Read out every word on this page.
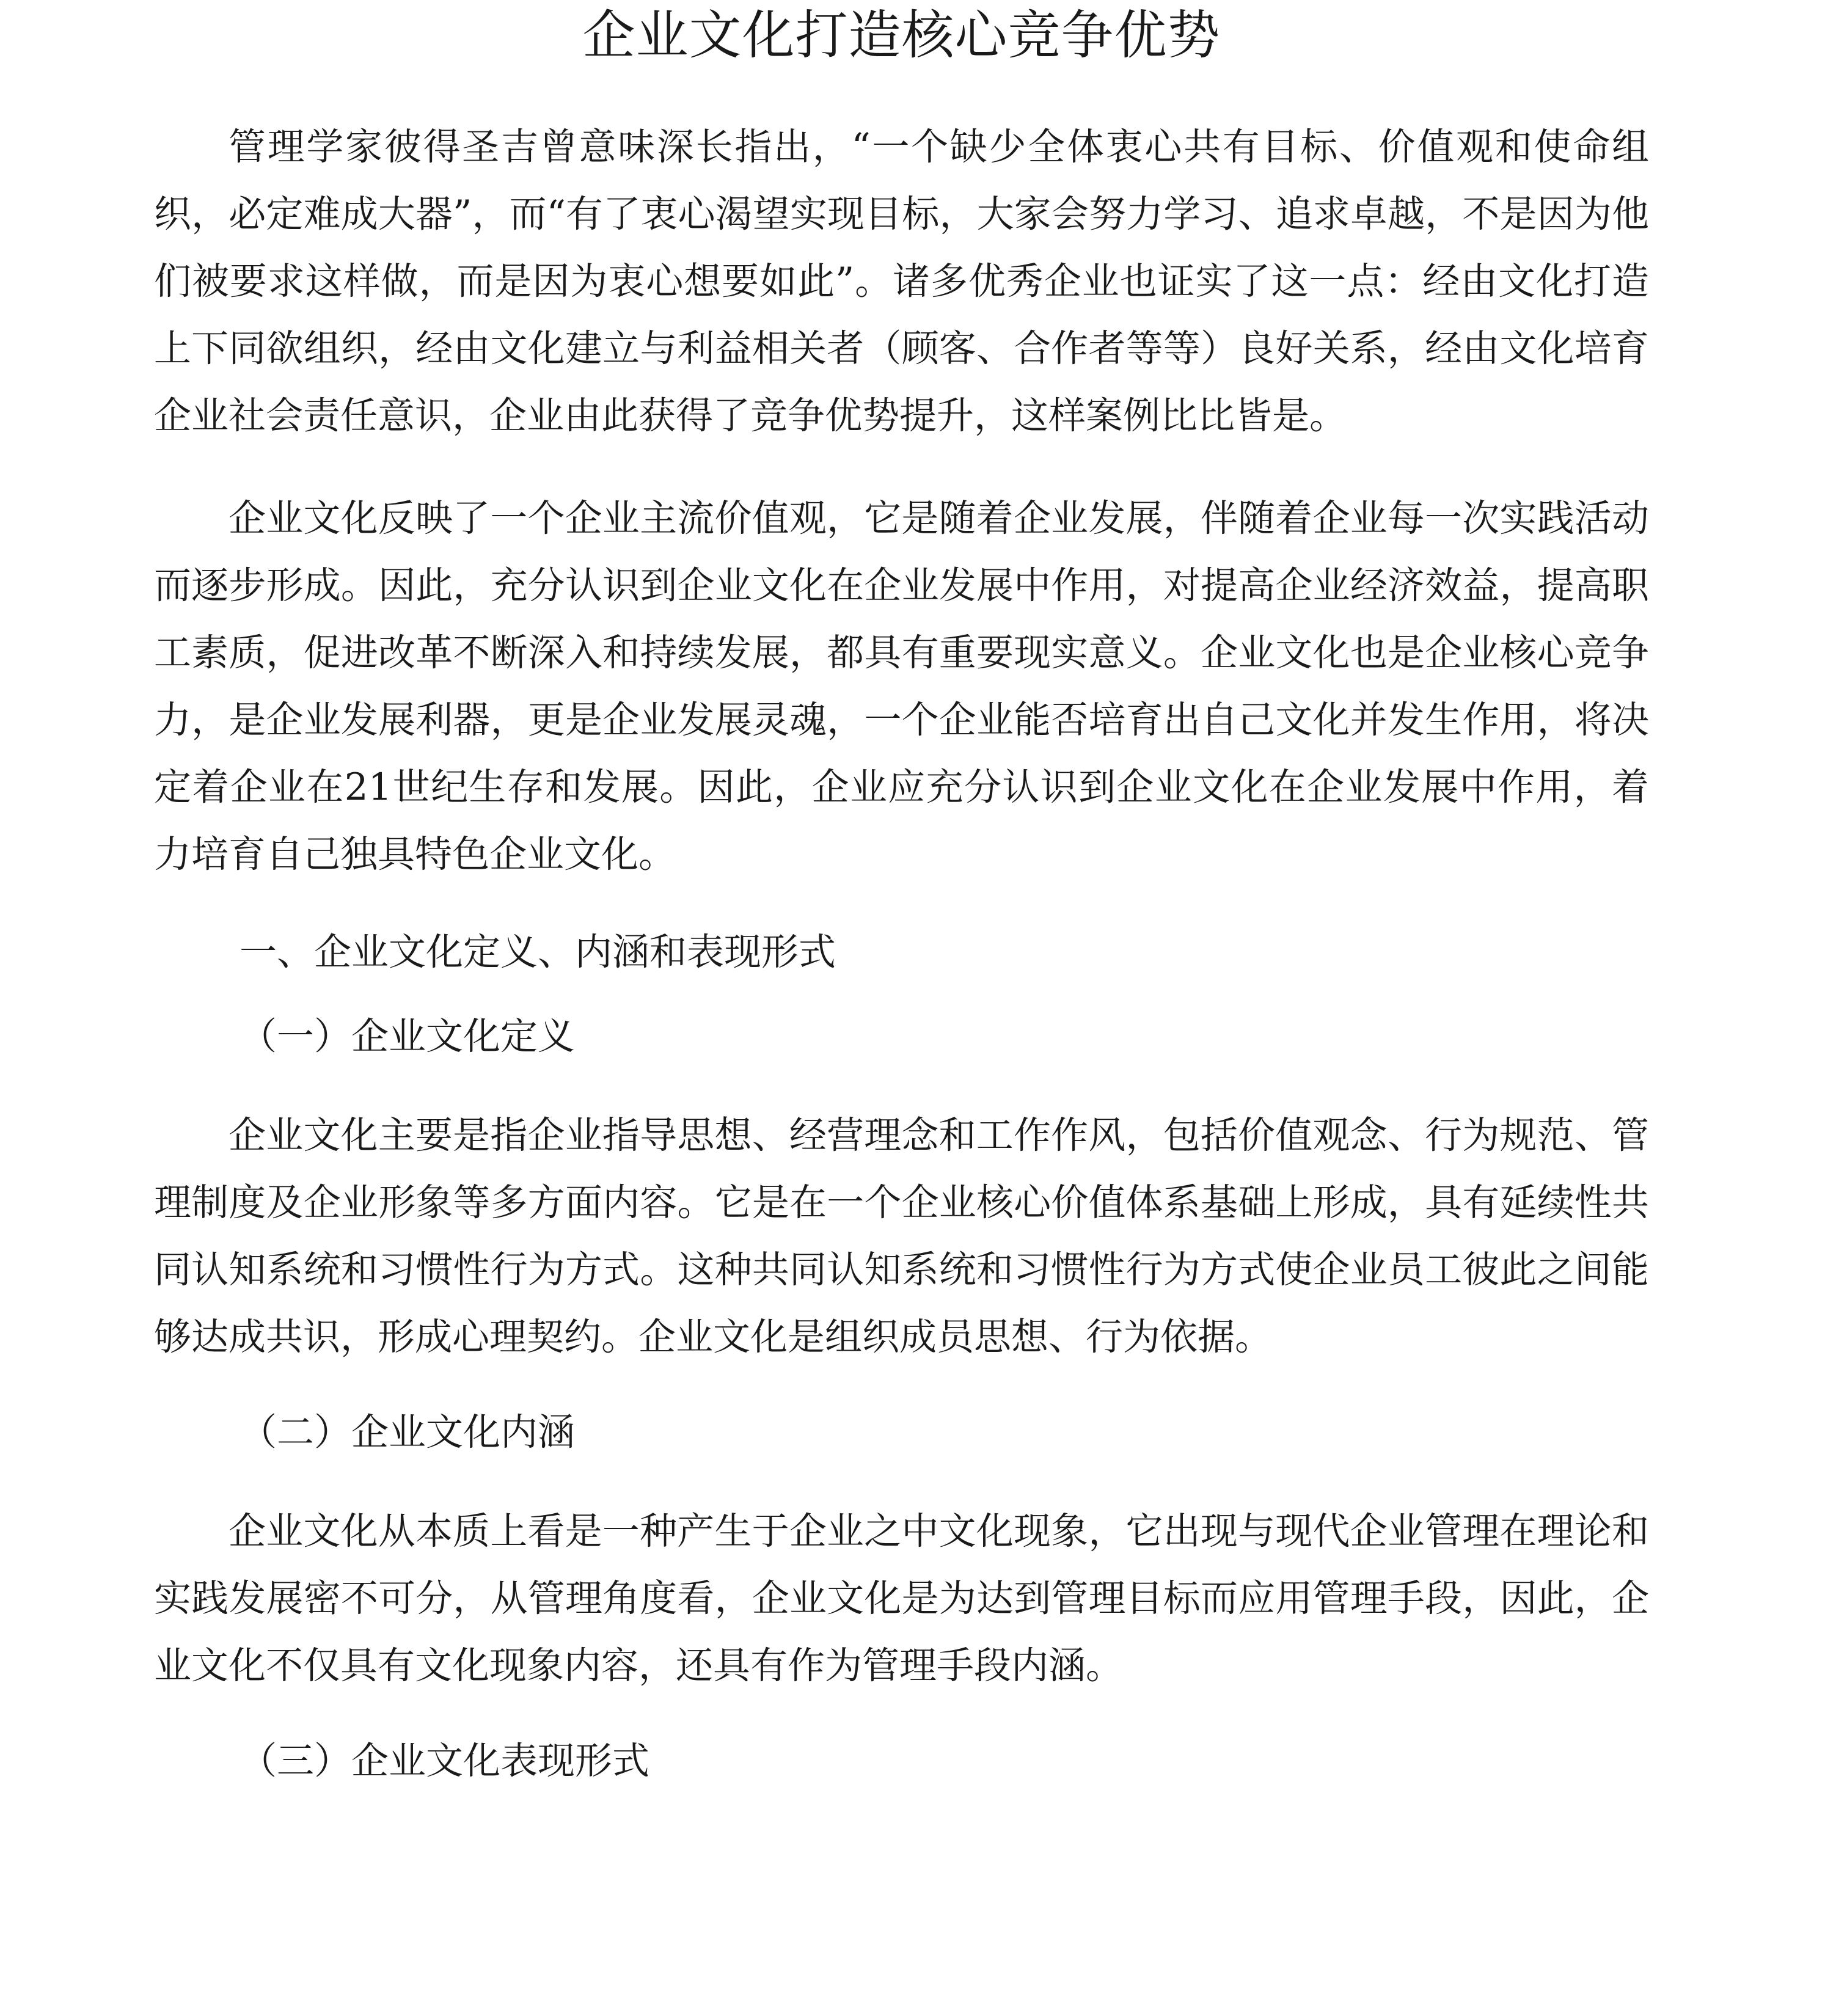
企业文化打造核心竞争优势

管理学家彼得圣吉曾意味深长指出，“一个缺少全体衷心共有目标、价值观和使命组织，必定难成大器”，而“有了衷心渴望实现目标，大家会努力学习、追求卓越，不是因为他们被要求这样做，而是因为衷心想要如此”。诸多优秀企业也证实了这一点：经由文化打造上下同欲组织，经由文化建立与利益相关者（顾客、合作者等等）良好关系，经由文化培育企业社会责任意识，企业由此获得了竞争优势提升，这样案例比比皆是。

企业文化反映了一个企业主流价值观，它是随着企业发展，伴随着企业每一次实践活动而逐步形成。因此，充分认识到企业文化在企业发展中作用，对提高企业经济效益，提高职工素质，促进改革不断深入和持续发展，都具有重要现实意义。企业文化也是企业核心竞争力，是企业发展利器，更是企业发展灵魂，一个企业能否培育出自己文化并发生作用，将决定着企业在21世纪生存和发展。因此，企业应充分认识到企业文化在企业发展中作用，着力培育自己独具特色企业文化。

一、企业文化定义、内涵和表现形式
（一）企业文化定义

企业文化主要是指企业指导思想、经营理念和工作作风，包括价值观念、行为规范、管理制度及企业形象等多方面内容。它是在一个企业核心价值体系基础上形成，具有延续性共同认知系统和习惯性行为方式。这种共同认知系统和习惯性行为方式使企业员工彼此之间能够达成共识，形成心理契约。企业文化是组织成员思想、行为依据。

（二）企业文化内涵

企业文化从本质上看是一种产生于企业之中文化现象，它出现与现代企业管理在理论和实践发展密不可分，从管理角度看，企业文化是为达到管理目标而应用管理手段，因此，企业文化不仅具有文化现象内容，还具有作为管理手段内涵。

（三）企业文化表现形式
